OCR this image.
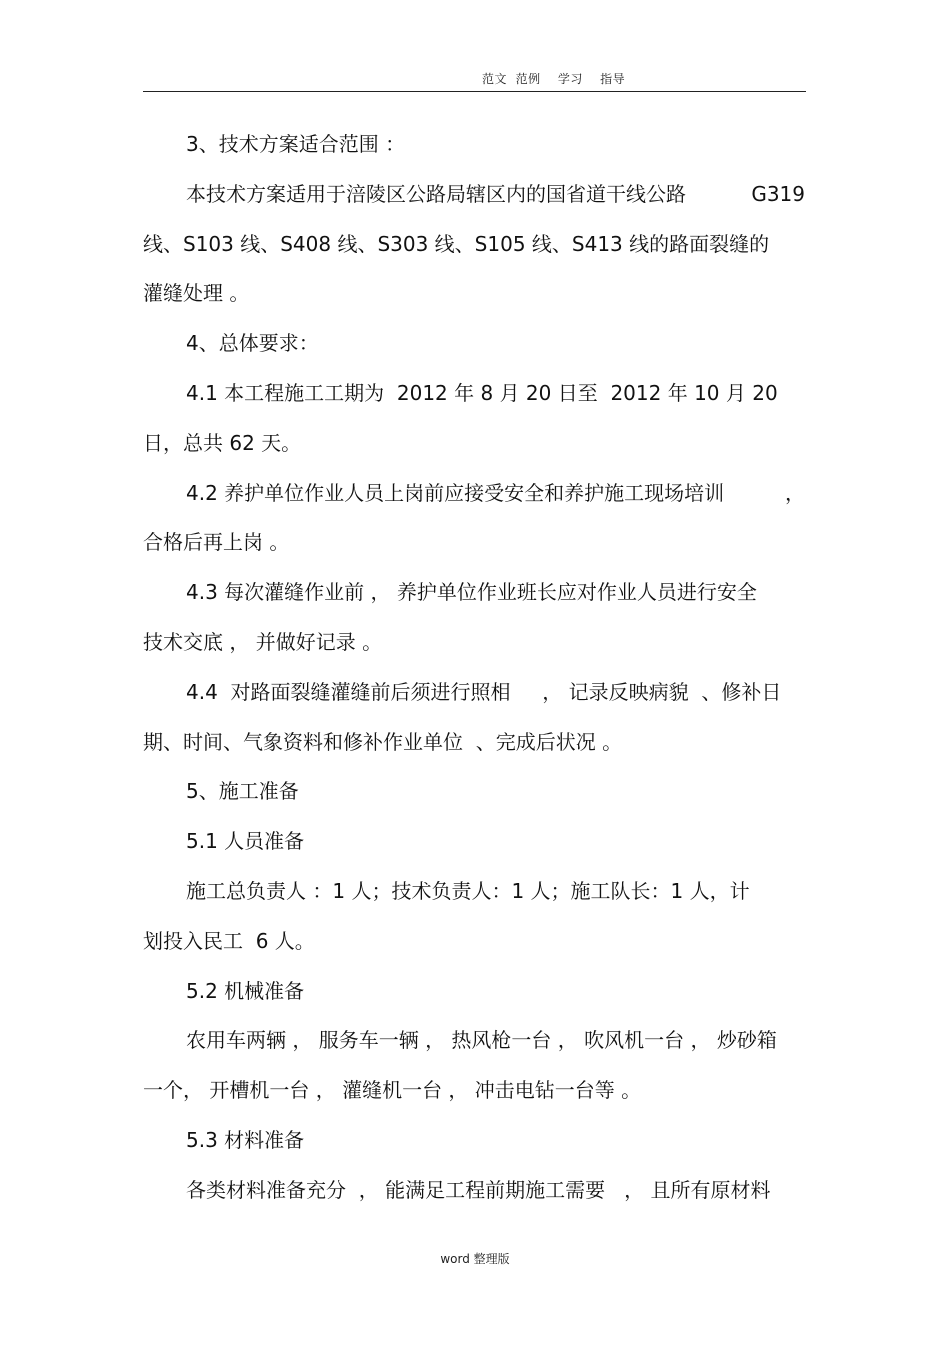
范文  范例    学习    指导
3、技术方案适合范围 ：
本技术方案适用于涪陵区公路局辖区内的国省道干线公路	G319
线、S103 线、S408 线、S303 线、S105 线、S413 线的路面裂缝的
灌缝处理 。
4、总体要求：
4.1 本工程施工工期为  2012 年 8 月 20 日至  2012 年 10 月 20
日，总共 62 天。
4.2 养护单位作业人员上岗前应接受安全和养护施工现场培训	，
合格后再上岗 。
4.3 每次灌缝作业前 ， 养护单位作业班长应对作业人员进行安全
技术交底 ， 并做好记录 。
4.4  对路面裂缝灌缝前后须进行照相     ， 记录反映病貌  、修补日
期、时间、气象资料和修补作业单位  、完成后状况 。
5、施工准备
5.1 人员准备
施工总负责人 ：1 人；技术负责人：1 人；施工队长：1 人，计
划投入民工  6 人。
5.2 机械准备
农用车两辆 ， 服务车一辆 ， 热风枪一台 ， 吹风机一台 ， 炒砂箱
一个， 开槽机一台 ， 灌缝机一台 ， 冲击电钻一台等 。
5.3 材料准备
各类材料准备充分  ， 能满足工程前期施工需要   ， 且所有原材料
word 整理版
